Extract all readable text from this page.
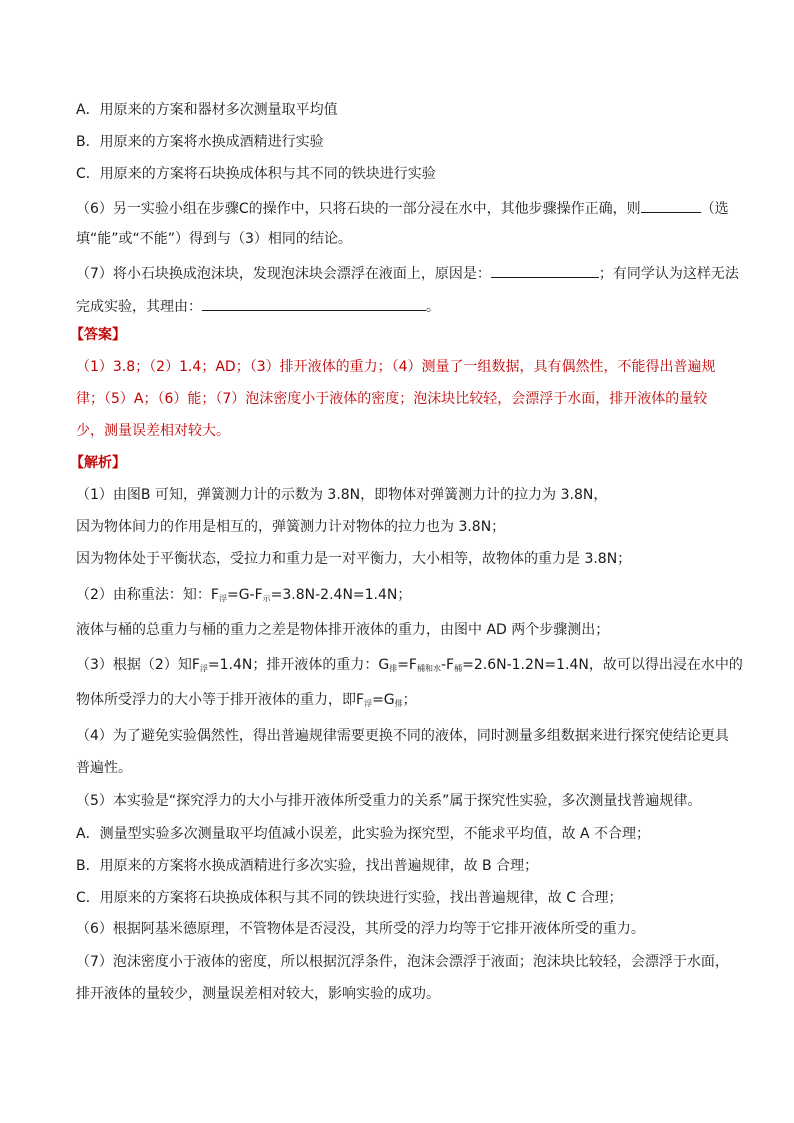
A．用原来的方案和器材多次测量取平均值
B．用原来的方案将水换成酒精进行实验
C．用原来的方案将石块换成体积与其不同的铁块进行实验
（6）另一实验小组在步骤C的操作中，只将石块的一部分浸在水中，其他步骤操作正确，则	（选
填“能”或“不能”）得到与（3）相同的结论。
（7）将小石块换成泡沫块，发现泡沫块会漂浮在液面上，原因是：	；有同学认为这样无法
完成实验，其理由：	。
【答案】
（1）3.8；（2）1.4；AD；（3）排开液体的重力；（4）测量了一组数据，具有偶然性，不能得出普遍规
律；（5）A；（6）能；（7）泡沫密度小于液体的密度；泡沫块比较轻，会漂浮于水面，排开液体的量较
少，测量误差相对较大。
【解析】
（1）由图B 可知，弹簧测力计的示数为 3.8N，即物体对弹簧测力计的拉力为 3.8N，
因为物体间力的作用是相互的，弹簧测力计对物体的拉力也为 3.8N；
因为物体处于平衡状态，受拉力和重力是一对平衡力，大小相等，故物体的重力是 3.8N；
（2）由称重法：知：$F_浮=G-F_示=3.8N-2.4N=1.4N$；
液体与桶的总重力与桶的重力之差是物体排开液体的重力，由图中 AD 两个步骤测出；
（3）根据（2）知$F_浮=1.4N$；排开液体的重力：$G_排=F_{桶和水}-F_桶=2.6N-1.2N=1.4N$，故可以得出浸在水中的
物体所受浮力的大小等于排开液体的重力，即$F_浮=G_排$；
（4）为了避免实验偶然性，得出普遍规律需要更换不同的液体，同时测量多组数据来进行探究使结论更具
普遍性。
（5）本实验是“探究浮力的大小与排开液体所受重力的关系”属于探究性实验，多次测量找普遍规律。
A．测量型实验多次测量取平均值减小误差，此实验为探究型，不能求平均值，故 A 不合理；
B．用原来的方案将水换成酒精进行多次实验，找出普遍规律，故 B 合理；
C．用原来的方案将石块换成体积与其不同的铁块进行实验，找出普遍规律，故 C 合理；
（6）根据阿基米德原理，不管物体是否浸没，其所受的浮力均等于它排开液体所受的重力。
（7）泡沫密度小于液体的密度，所以根据沉浮条件，泡沫会漂浮于液面；泡沫块比较轻，会漂浮于水面，
排开液体的量较少，测量误差相对较大，影响实验的成功。
